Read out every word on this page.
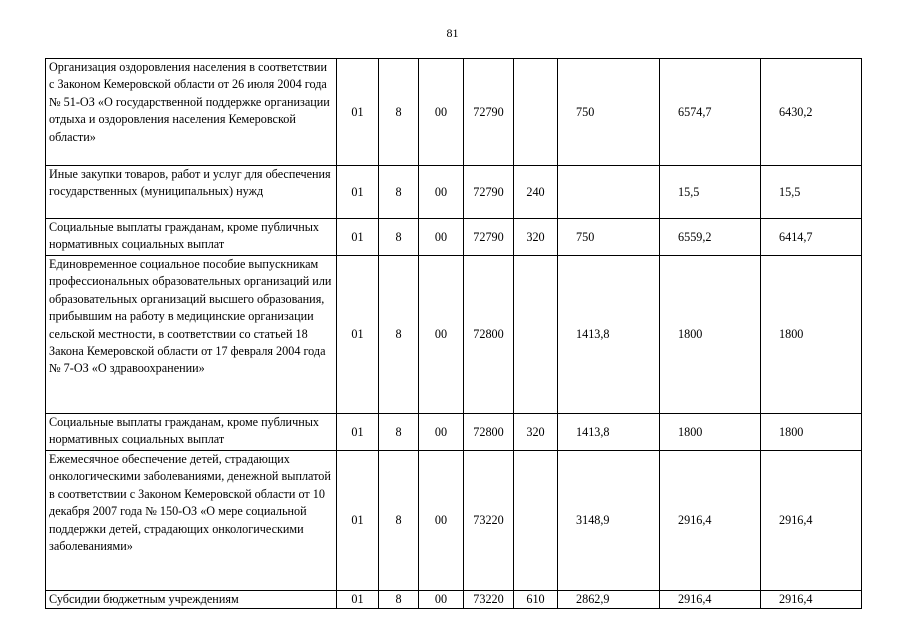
81
Организация оздоровления населения в соответствии с Законом Кемеровской области от 26 июля 2004 года № 51-ОЗ «О государственной поддержке организации отдыха и оздоровления населения Кемеровской области»	01	8	00	72790		750	6574,7	6430,2
Иные закупки товаров, работ и услуг для обеспечения государственных (муниципальных) нужд	01	8	00	72790	240		15,5	15,5
Социальные выплаты гражданам, кроме публичных нормативных социальных выплат	01	8	00	72790	320	750	6559,2	6414,7
Единовременное социальное пособие выпускникам профессиональных образовательных организаций или образовательных организаций высшего образования, прибывшим на работу в медицинские организации сельской местности, в соответствии со статьей 18 Закона Кемеровской области от 17 февраля 2004 года № 7-ОЗ «О здравоохранении»	01	8	00	72800		1413,8	1800	1800
Социальные выплаты гражданам, кроме публичных нормативных социальных выплат	01	8	00	72800	320	1413,8	1800	1800
Ежемесячное обеспечение детей, страдающих онкологическими заболеваниями, денежной выплатой в соответствии с Законом Кемеровской области от 10 декабря 2007 года № 150-ОЗ «О мере социальной поддержки детей, страдающих онкологическими заболеваниями»	01	8	00	73220		3148,9	2916,4	2916,4
Субсидии бюджетным учреждениям	01	8	00	73220	610	2862,9	2916,4	2916,4
